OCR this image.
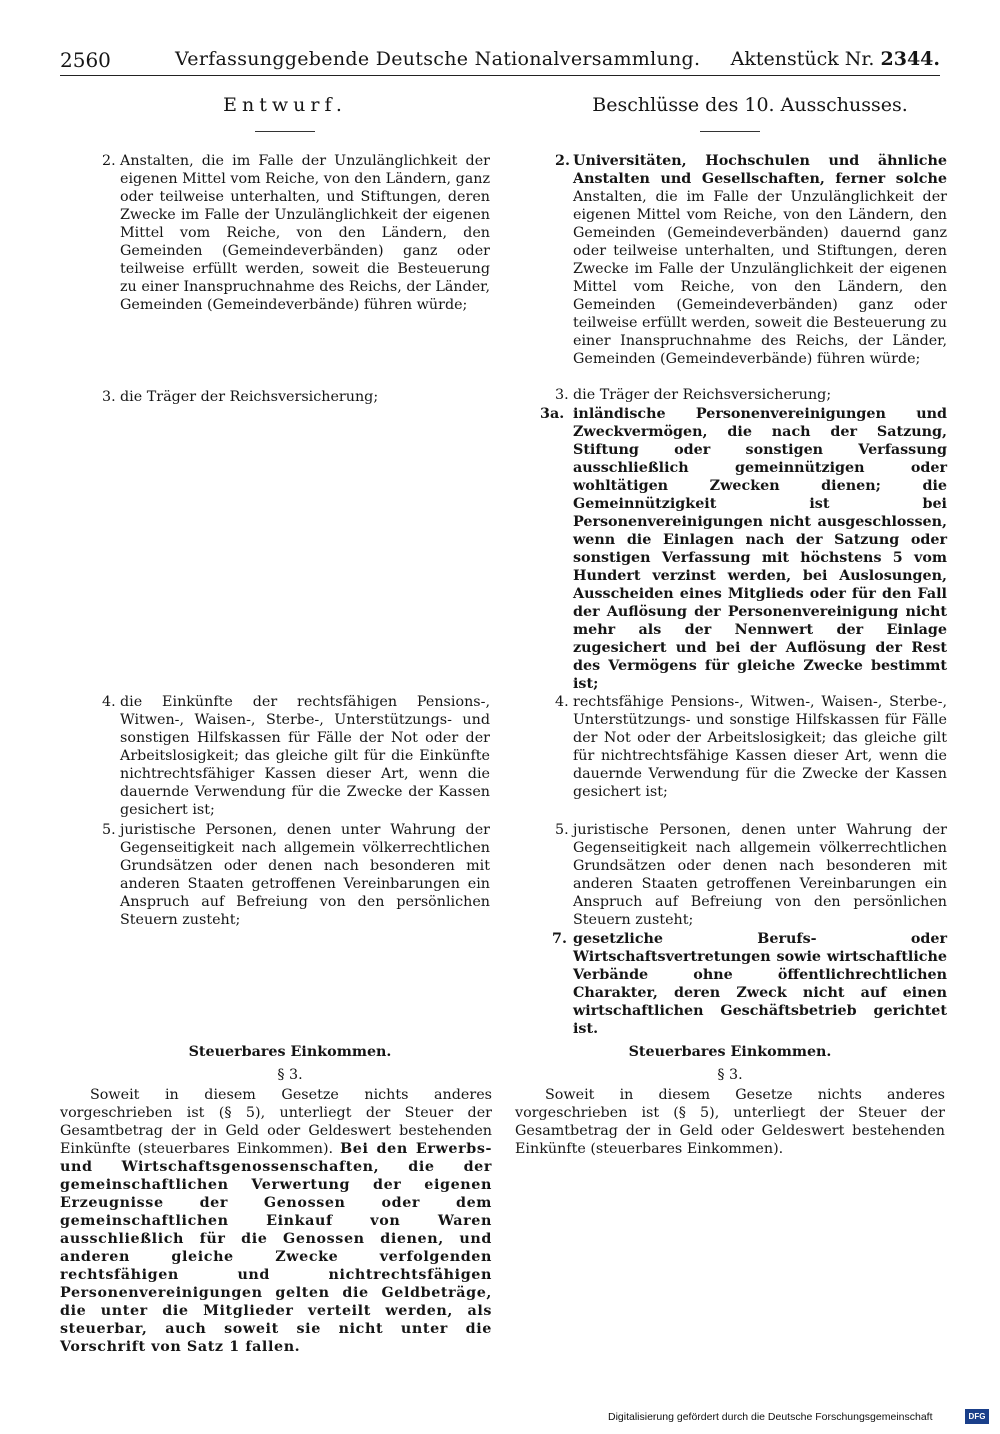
2560	Verfassunggebende Deutsche Nationalversammlung. Aktenstück Nr. 2344.
Entwurf.	Beschlüsse des 10. Ausschusses.
2. Anstalten, die im Falle der Unzulänglichkeit der eigenen Mittel vom Reiche, von den Ländern, ganz oder teilweise unterhalten, und Stiftungen, deren Zwecke im Falle der Unzulänglichkeit der eigenen Mittel vom Reiche, von den Ländern, den Gemeinden (Gemeindeverbänden) ganz oder teilweise erfüllt werden, soweit die Besteuerung zu einer Inanspruchnahme des Reichs, der Länder, Gemeinden (Gemeindeverbände) führen würde;
3. die Träger der Reichsversicherung;
4. die Einkünfte der rechtsfähigen Pensions-, Witwen-, Waisen-, Sterbe-, Unterstützungs- und sonstigen Hilfskassen für Fälle der Not oder der Arbeitslosigkeit; das gleiche gilt für die Einkünfte nichtrechtsfähiger Kassen dieser Art, wenn die dauernde Verwendung für die Zwecke der Kassen gesichert ist;
5. juristische Personen, denen unter Wahrung der Gegenseitigkeit nach allgemein völkerrechtlichen Grundsätzen oder denen nach besonderen mit anderen Staaten getroffenen Vereinbarungen ein Anspruch auf Befreiung von den persönlichen Steuern zusteht;
2. Universitäten, Hochschulen und ähnliche Anstalten und Gesellschaften, ferner solche Anstalten, die im Falle der Unzulänglichkeit der eigenen Mittel vom Reiche, von den Ländern, den Gemeinden (Gemeindeverbänden) dauernd ganz oder teilweise unterhalten, und Stiftungen, deren Zwecke im Falle der Unzulänglichkeit der eigenen Mittel vom Reiche, von den Ländern, den Gemeinden (Gemeindeverbänden) ganz oder teilweise erfüllt werden, soweit die Besteuerung zu einer Inanspruchnahme des Reichs, der Länder, Gemeinden (Gemeindeverbände) führen würde;
3. die Träger der Reichsversicherung;
3a. inländische Personenvereinigungen und Zweckvermögen, die nach der Satzung, Stiftung oder sonstigen Verfassung ausschließlich gemeinnützigen oder wohltätigen Zwecken dienen; die Gemeinnützigkeit ist bei Personenvereinigungen nicht ausgeschlossen, wenn die Einlagen nach der Satzung oder sonstigen Verfassung mit höchstens 5 vom Hundert verzinst werden, bei Auslosungen, Ausscheiden eines Mitglieds oder für den Fall der Auflösung der Personenvereinigung nicht mehr als der Nennwert der Einlage zugesichert und bei der Auflösung der Rest des Vermögens für gleiche Zwecke bestimmt ist;
4. rechtsfähige Pensions-, Witwen-, Waisen-, Sterbe-, Unterstützungs- und sonstige Hilfskassen für Fälle der Not oder der Arbeitslosigkeit; das gleiche gilt für nichtrechtsfähige Kassen dieser Art, wenn die dauernde Verwendung für die Zwecke der Kassen gesichert ist;
5. juristische Personen, denen unter Wahrung der Gegenseitigkeit nach allgemein völkerrechtlichen Grundsätzen oder denen nach besonderen mit anderen Staaten getroffenen Vereinbarungen ein Anspruch auf Befreiung von den persönlichen Steuern zusteht;
7. gesetzliche Berufs- oder Wirtschaftsvertretungen sowie wirtschaftliche Verbände ohne öffentlichrechtlichen Charakter, deren Zweck nicht auf einen wirtschaftlichen Geschäftsbetrieb gerichtet ist.
Steuerbares Einkommen.
§ 3.
Soweit in diesem Gesetze nichts anderes vorgeschrieben ist (§ 5), unterliegt der Steuer der Gesamtbetrag der in Geld oder Geldeswert bestehenden Einkünfte (steuerbares Einkommen). Bei den Erwerbs- und Wirtschaftsgenossenschaften, die der gemeinschaftlichen Verwertung der eigenen Erzeugnisse der Genossen oder dem gemeinschaftlichen Einkauf von Waren ausschließlich für die Genossen dienen, und anderen gleiche Zwecke verfolgenden rechtsfähigen und nichtrechtsfähigen Personenvereinigungen gelten die Geldbeträge, die unter die Mitglieder verteilt werden, als steuerbar, auch soweit sie nicht unter die Vorschrift von Satz 1 fallen.
Steuerbares Einkommen.
§ 3.
Soweit in diesem Gesetze nichts anderes vorgeschrieben ist (§ 5), unterliegt der Steuer der Gesamtbetrag der in Geld oder Geldeswert bestehenden Einkünfte (steuerbares Einkommen).
Digitalisierung gefördert durch die Deutsche Forschungsgemeinschaft	DFG
